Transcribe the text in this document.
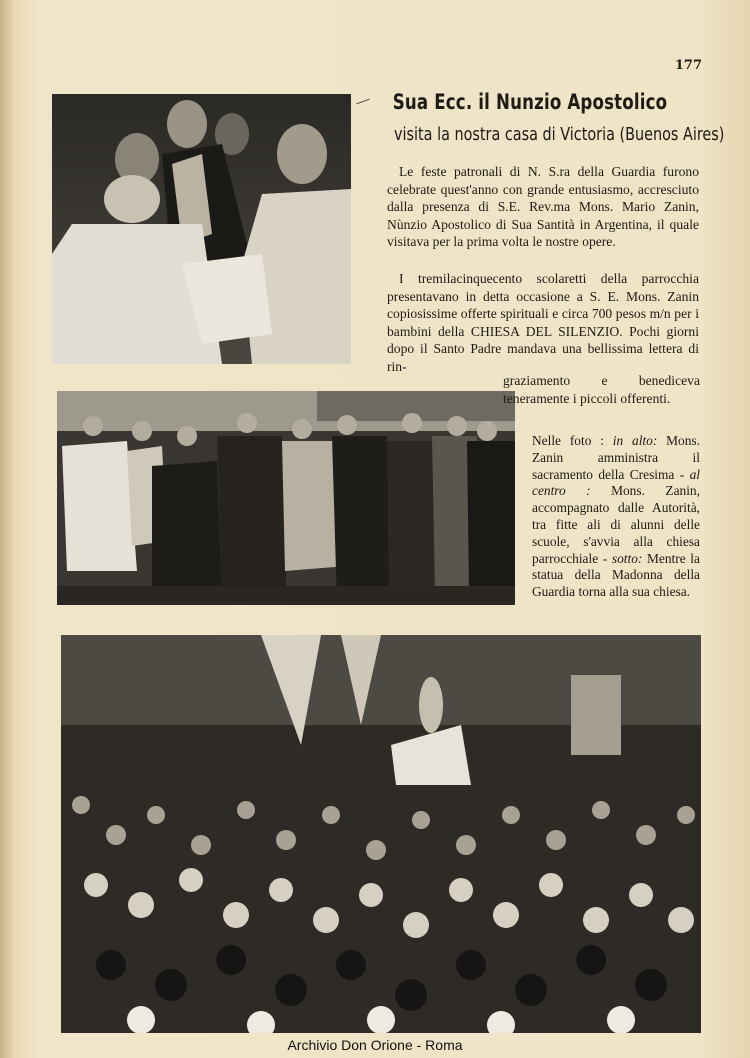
177
Sua Ecc. il Nunzio Apostolico
visita la nostra casa di Victoria (Buenos Aires)

Le feste patronali di N. S.ra della Guardia furono celebrate quest'anno con grande entusiasmo, accresciuto dalla presenza di S.E. Rev.ma Mons. Mario Zanin, Nùnzio Apostolico di Sua Santità in Argentina, il quale visitava per la prima volta le nostre opere.

I tremilacinquecento scolaretti della parrocchia presentavano in detta occasione a S. E. Mons. Zanin copiosissime offerte spirituali e circa 700 pesos m/n per i bambini della CHIESA DEL SILENZIO. Pochi giorni dopo il Santo Padre mandava una bellissima lettera di rin-

graziamento e benediceva teneramente i piccoli offerenti.

Nelle foto : in alto: Mons. Zanin amministra il sacramento della Cresima - al centro : Mons. Zanin, accompagnato dalle Autorità, tra fitte ali di alunni delle scuole, s'avvia alla chiesa parrocchiale - sotto: Mentre la statua della Madonna della Guardia torna alla sua chiesa.

Archivio Don Orione - Roma
